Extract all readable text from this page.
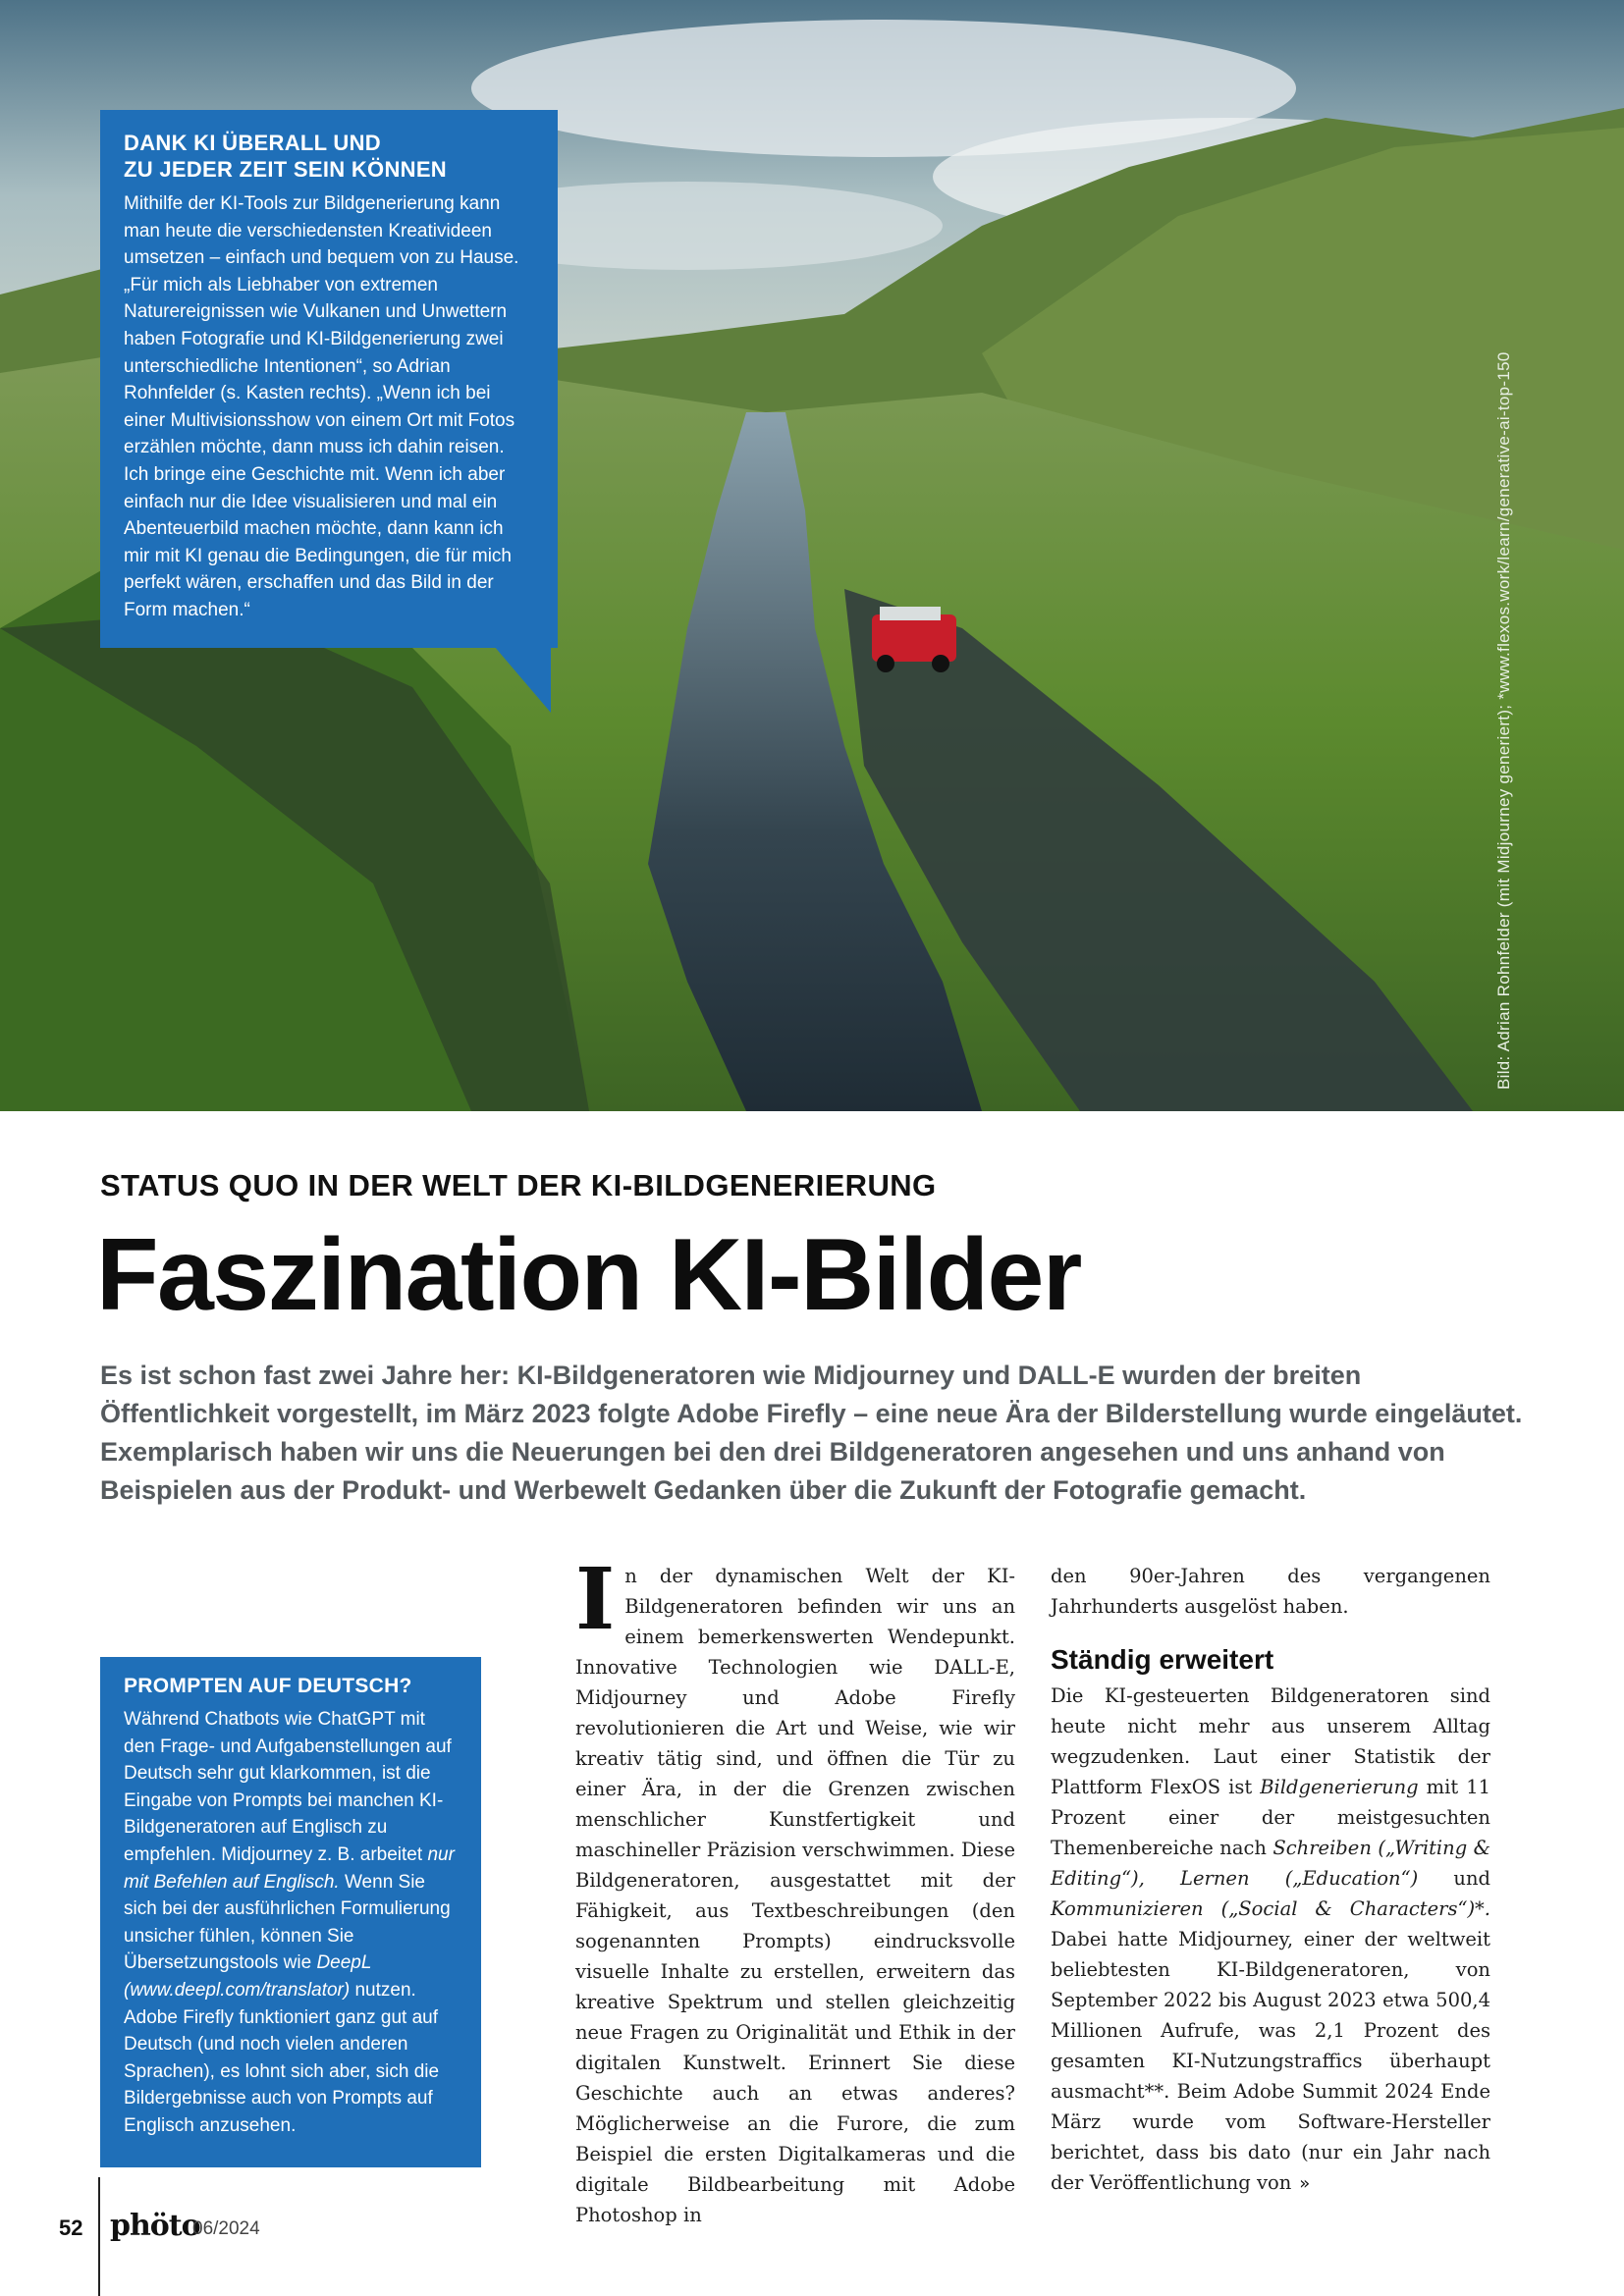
Bild: Adrian Rohnfelder (mit Midjourney generiert); *www.flexos.work/learn/generative-ai-top-150

DANK KI ÜBERALL UND
ZU JEDER ZEIT SEIN KÖNNEN

Mithilfe der KI-Tools zur Bildgenerierung kann man heute die verschiedensten Kreativideen umsetzen – einfach und bequem von zu Hause. „Für mich als Liebhaber von extremen Naturereignissen wie Vulkanen und Unwettern haben Fotografie und KI-Bildgenerierung zwei unterschiedliche Intentionen“, so Adrian Rohnfelder (s. Kasten rechts). „Wenn ich bei einer Multivisionsshow von einem Ort mit Fotos erzählen möchte, dann muss ich dahin reisen. Ich bringe eine Geschichte mit. Wenn ich aber einfach nur die Idee visualisieren und mal ein Abenteuerbild machen möchte, dann kann ich mir mit KI genau die Bedingungen, die für mich perfekt wären, erschaffen und das Bild in der Form machen.“

STATUS QUO IN DER WELT DER KI-BILDGENERIERUNG

Faszination KI-Bilder

Es ist schon fast zwei Jahre her: KI-Bildgeneratoren wie Midjourney und DALL-E wurden der breiten Öffentlichkeit vorgestellt, im März 2023 folgte Adobe Firefly – eine neue Ära der Bilderstellung wurde eingeläutet. Exemplarisch haben wir uns die Neuerungen bei den drei Bildgeneratoren angesehen und uns anhand von Beispielen aus der Produkt- und Werbewelt Gedanken über die Zukunft der Fotografie gemacht.

PROMPTEN AUF DEUTSCH?

Während Chatbots wie ChatGPT mit den Frage- und Aufgabenstellungen auf Deutsch sehr gut klarkommen, ist die Eingabe von Prompts bei manchen KI-Bildgeneratoren auf Englisch zu empfehlen. Midjourney z. B. arbeitet nur mit Befehlen auf Englisch. Wenn Sie sich bei der ausführlichen Formulierung unsicher fühlen, können Sie Übersetzungstools wie DeepL (www.deepl.com/translator) nutzen. Adobe Firefly funktioniert ganz gut auf Deutsch (und noch vielen anderen Sprachen), es lohnt sich aber, sich die Bildergebnisse auch von Prompts auf Englisch anzusehen.

In der dynamischen Welt der KI-Bildgeneratoren befinden wir uns an einem bemerkenswerten Wendepunkt. Innovative Technologien wie DALL-E, Midjourney und Adobe Firefly revolutionieren die Art und Weise, wie wir kreativ tätig sind, und öffnen die Tür zu einer Ära, in der die Grenzen zwischen menschlicher Kunstfertigkeit und maschineller Präzision verschwimmen. Diese Bildgeneratoren, ausgestattet mit der Fähigkeit, aus Textbeschreibungen (den sogenannten Prompts) eindrucksvolle visuelle Inhalte zu erstellen, erweitern das kreative Spektrum und stellen gleichzeitig neue Fragen zu Originalität und Ethik in der digitalen Kunstwelt. Erinnert Sie diese Geschichte auch an etwas anderes? Möglicherweise an die Furore, die zum Beispiel die ersten Digitalkameras und die digitale Bildbearbeitung mit Adobe Photoshop in
den 90er-Jahren des vergangenen Jahrhunderts ausgelöst haben.
Ständig erweitert
Die KI-gesteuerten Bildgeneratoren sind heute nicht mehr aus unserem Alltag wegzudenken. Laut einer Statistik der Plattform FlexOS ist Bildgenerierung mit 11 Prozent einer der meistgesuchten Themenbereiche nach Schreiben („Writing & Editing“), Lernen („Education“) und Kommunizieren („Social & Characters“)*. Dabei hatte Midjourney, einer der weltweit beliebtesten KI-Bildgeneratoren, von September 2022 bis August 2023 etwa 500,4 Millionen Aufrufe, was 2,1 Prozent des gesamten KI-Nutzungstraffics überhaupt ausmacht**. Beim Adobe Summit 2024 Ende März wurde vom Software-Hersteller berichtet, dass bis dato (nur ein Jahr nach der Veröffentlichung von »
52 phöto
06/2024
